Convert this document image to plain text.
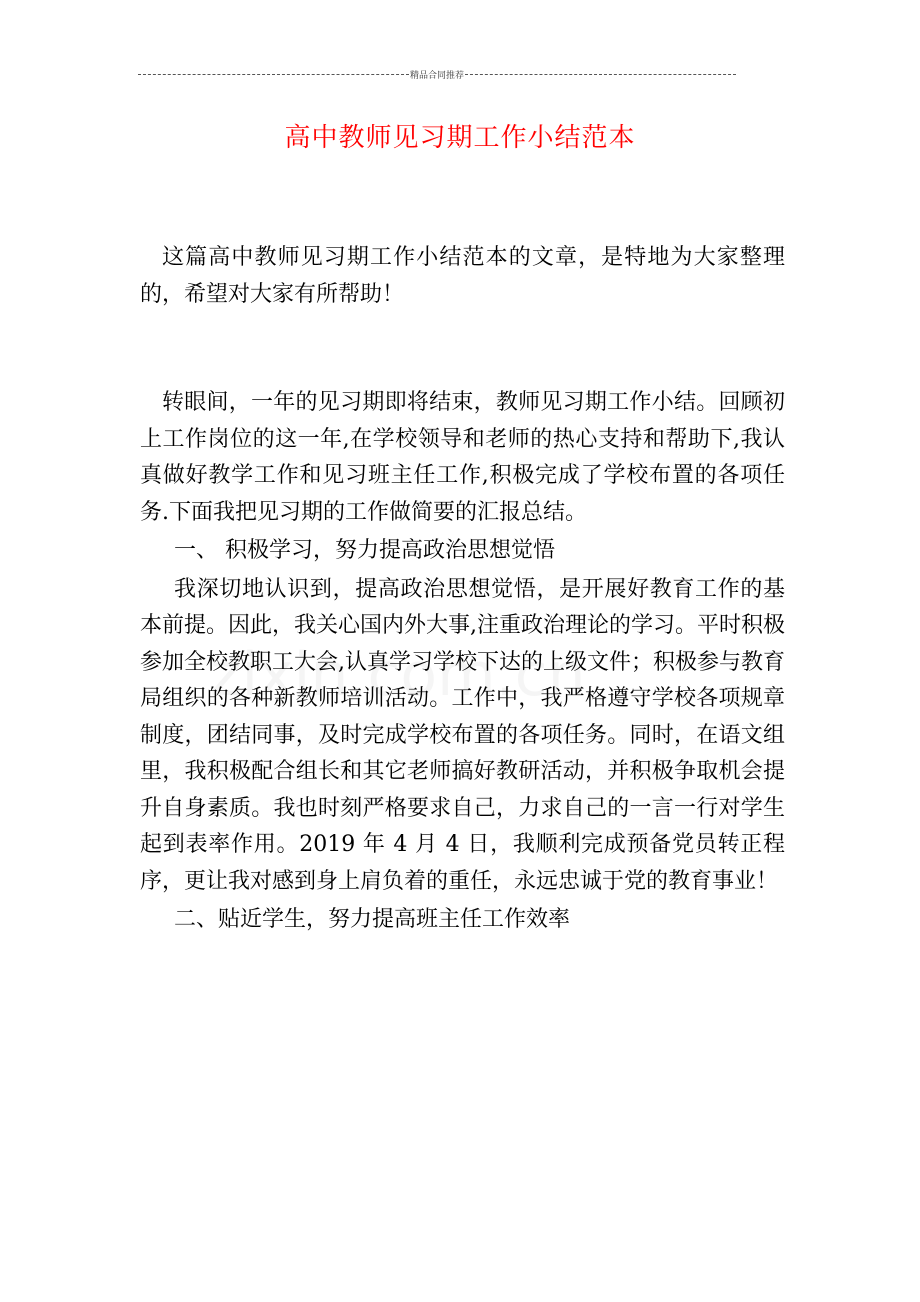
精品合同推荐
高中教师见习期工作小结范本

这篇高中教师见习期工作小结范本的文章，是特地为大家整理的，希望对大家有所帮助！

转眼间，一年的见习期即将结束，教师见习期工作小结。回顾初上工作岗位的这一年,在学校领导和老师的热心支持和帮助下,我认真做好教学工作和见习班主任工作,积极完成了学校布置的各项任务.下面我把见习期的工作做简要的汇报总结。

一、 积极学习，努力提高政治思想觉悟

我深切地认识到，提高政治思想觉悟，是开展好教育工作的基本前提。因此，我关心国内外大事,注重政治理论的学习。平时积极参加全校教职工大会,认真学习学校下达的上级文件；积极参与教育局组织的各种新教师培训活动。工作中，我严格遵守学校各项规章制度，团结同事，及时完成学校布置的各项任务。同时，在语文组里，我积极配合组长和其它老师搞好教研活动，并积极争取机会提升自身素质。我也时刻严格要求自己，力求自己的一言一行对学生起到表率作用。2019 年 4 月 4 日，我顺利完成预备党员转正程序，更让我对感到身上肩负着的重任，永远忠诚于党的教育事业！

二、贴近学生，努力提高班主任工作效率
